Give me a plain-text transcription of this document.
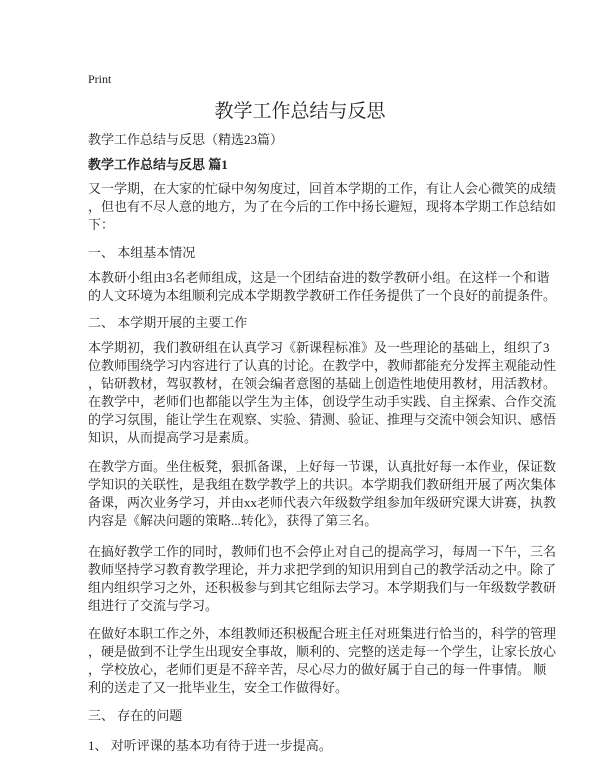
Print
教学工作总结与反思
教学工作总结与反思（精选23篇）
教学工作总结与反思 篇1
又一学期，在大家的忙碌中匆匆度过，回首本学期的工作，有让人会心微笑的成绩
，但也有不尽人意的地方，为了在今后的工作中扬长避短，现将本学期工作总结如
下：
一、 本组基本情况
本教研小组由3名老师组成，这是一个团结奋进的数学教研小组。在这样一个和谐
的人文环境为本组顺利完成本学期教学教研工作任务提供了一个良好的前提条件。
二、 本学期开展的主要工作
本学期初，我们教研组在认真学习《新课程标准》及一些理论的基础上，组织了3
位教师围绕学习内容进行了认真的讨论。在教学中，教师都能充分发挥主观能动性
，钻研教材，驾驭教材，在领会编者意图的基础上创造性地使用教材，用活教材。
在教学中，老师们也都能以学生为主体，创设学生动手实践、自主探索、合作交流
的学习氛围，能让学生在观察、实验、猜测、验证、推理与交流中领会知识、感悟
知识，从而提高学习是素质。
在教学方面。坐住板凳，狠抓备课，上好每一节课，认真批好每一本作业，保证数
学知识的关联性，是我组在数学教学上的共识。本学期我们教研组开展了两次集体
备课，两次业务学习，并由xx老师代表六年级数学组参加年级研究课大讲赛，执教
内容是《解决问题的策略...转化》，获得了第三名。
在搞好教学工作的同时，教师们也不会停止对自己的提高学习，每周一下午，三名
教师坚持学习教育教学理论，并力求把学到的知识用到自己的教学活动之中。除了
组内组织学习之外，还积极参与到其它组际去学习。本学期我们与一年级数学教研
组进行了交流与学习。
在做好本职工作之外，本组教师还积极配合班主任对班集进行恰当的，科学的管理
，硬是做到不让学生出现安全事故，顺利的、完整的送走每一个学生，让家长放心
，学校放心，老师们更是不辞辛苦，尽心尽力的做好属于自己的每一件事情。 顺
利的送走了又一批毕业生，安全工作做得好。
三、 存在的问题
1、 对听评课的基本功有待于进一步提高。
